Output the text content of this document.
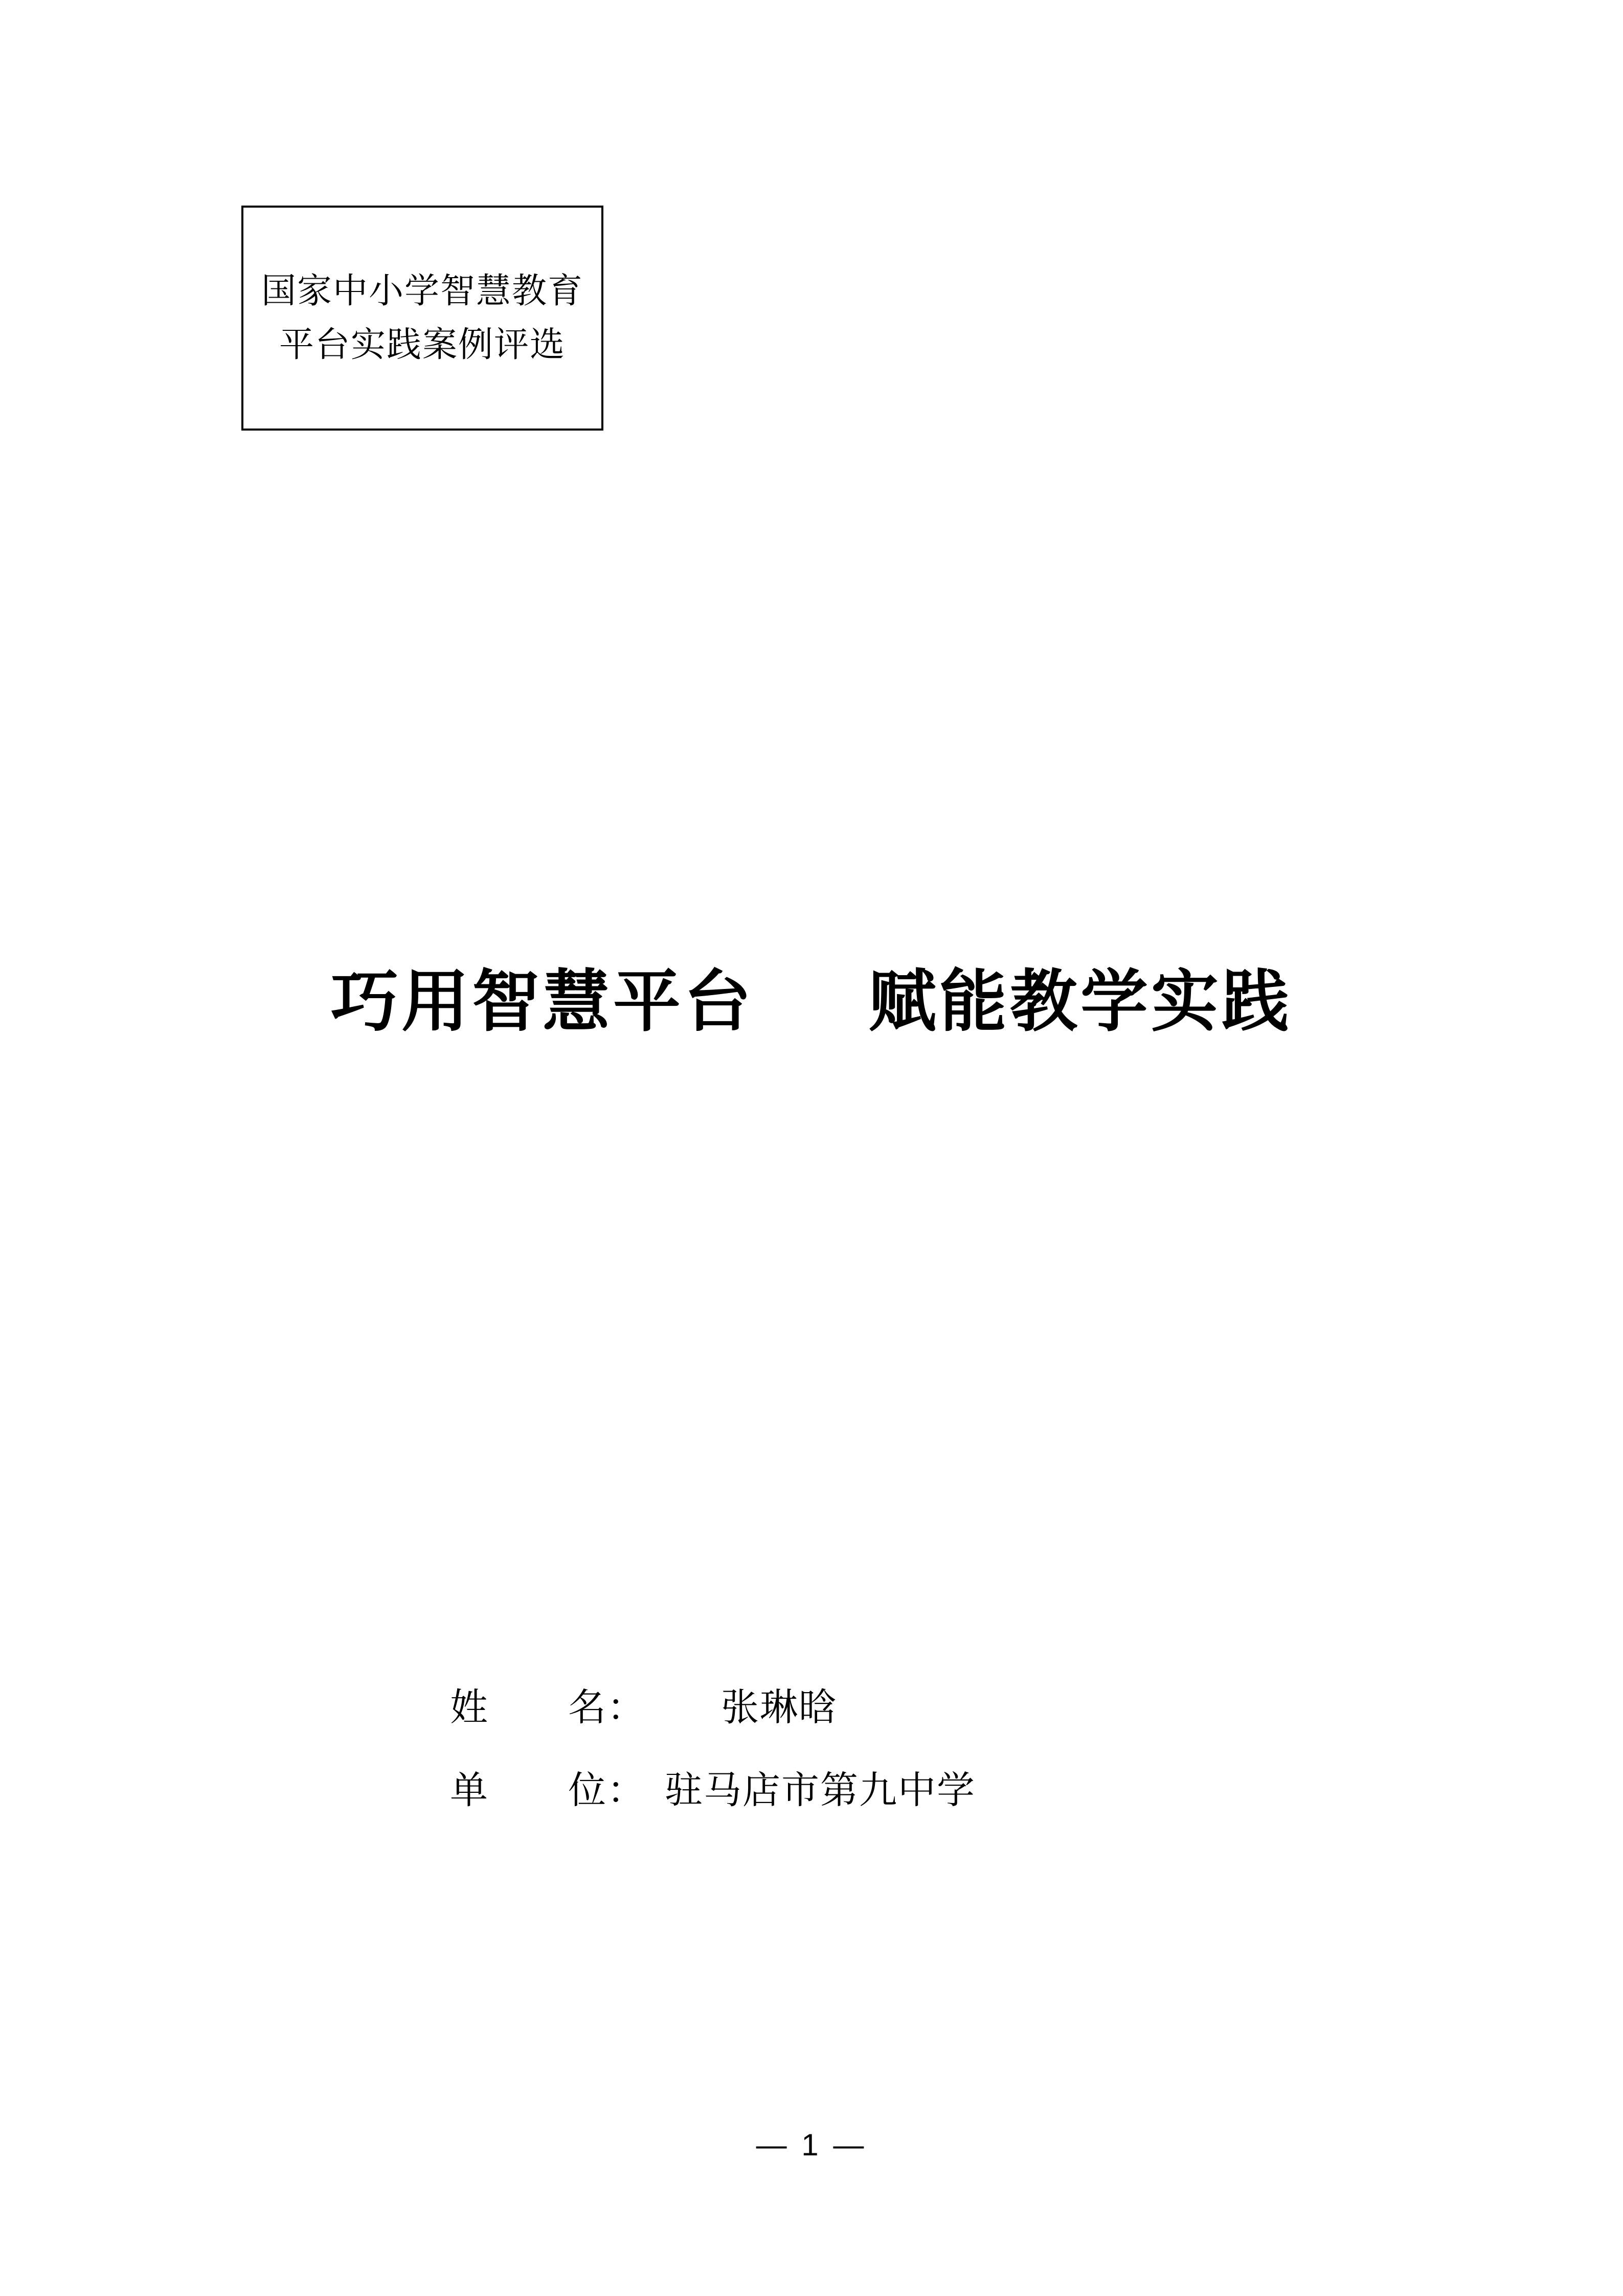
国家中小学智慧教育
平台实践案例评选
巧用智慧平台 赋能教学实践
姓 名：	张琳晗
单 位： 驻马店市第九中学
— 1 —
